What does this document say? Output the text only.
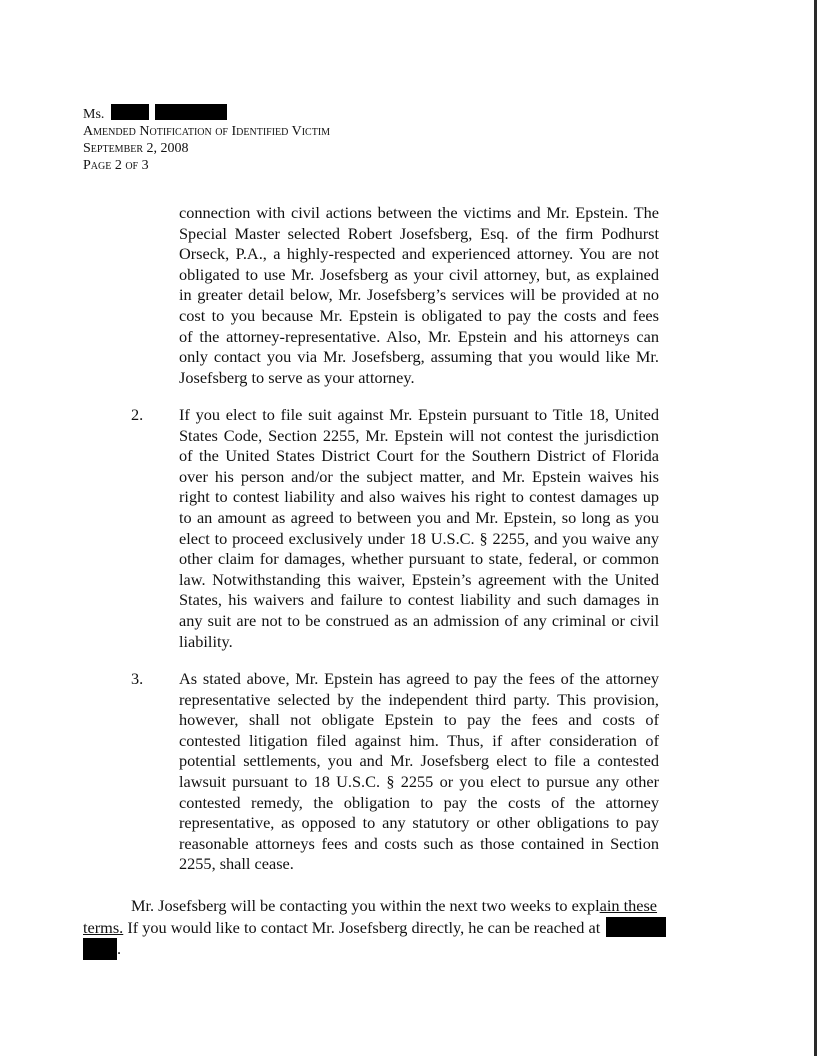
Ms.
Amended Notification of Identified Victim
September 2, 2008
Page 2 of 3
connection with civil actions between the victims and Mr. Epstein. The
Special Master selected Robert Josefsberg, Esq. of the firm Podhurst
Orseck, P.A., a highly-respected and experienced attorney. You are not
obligated to use Mr. Josefsberg as your civil attorney, but, as explained
in greater detail below, Mr. Josefsberg’s services will be provided at no
cost to you because Mr. Epstein is obligated to pay the costs and fees
of the attorney-representative. Also, Mr. Epstein and his attorneys can
only contact you via Mr. Josefsberg, assuming that you would like Mr.
Josefsberg to serve as your attorney.
2. If you elect to file suit against Mr. Epstein pursuant to Title 18, United
States Code, Section 2255, Mr. Epstein will not contest the jurisdiction
of the United States District Court for the Southern District of Florida
over his person and/or the subject matter, and Mr. Epstein waives his
right to contest liability and also waives his right to contest damages up
to an amount as agreed to between you and Mr. Epstein, so long as you
elect to proceed exclusively under 18 U.S.C. § 2255, and you waive any
other claim for damages, whether pursuant to state, federal, or common
law. Notwithstanding this waiver, Epstein’s agreement with the United
States, his waivers and failure to contest liability and such damages in
any suit are not to be construed as an admission of any criminal or civil
liability.
3. As stated above, Mr. Epstein has agreed to pay the fees of the attorney
representative selected by the independent third party. This provision,
however, shall not obligate Epstein to pay the fees and costs of
contested litigation filed against him. Thus, if after consideration of
potential settlements, you and Mr. Josefsberg elect to file a contested
lawsuit pursuant to 18 U.S.C. § 2255 or you elect to pursue any other
contested remedy, the obligation to pay the costs of the attorney
representative, as opposed to any statutory or other obligations to pay
reasonable attorneys fees and costs such as those contained in Section
2255, shall cease.
Mr. Josefsberg will be contacting you within the next two weeks to explain these
terms. If you would like to contact Mr. Josefsberg directly, he can be reached at
.
